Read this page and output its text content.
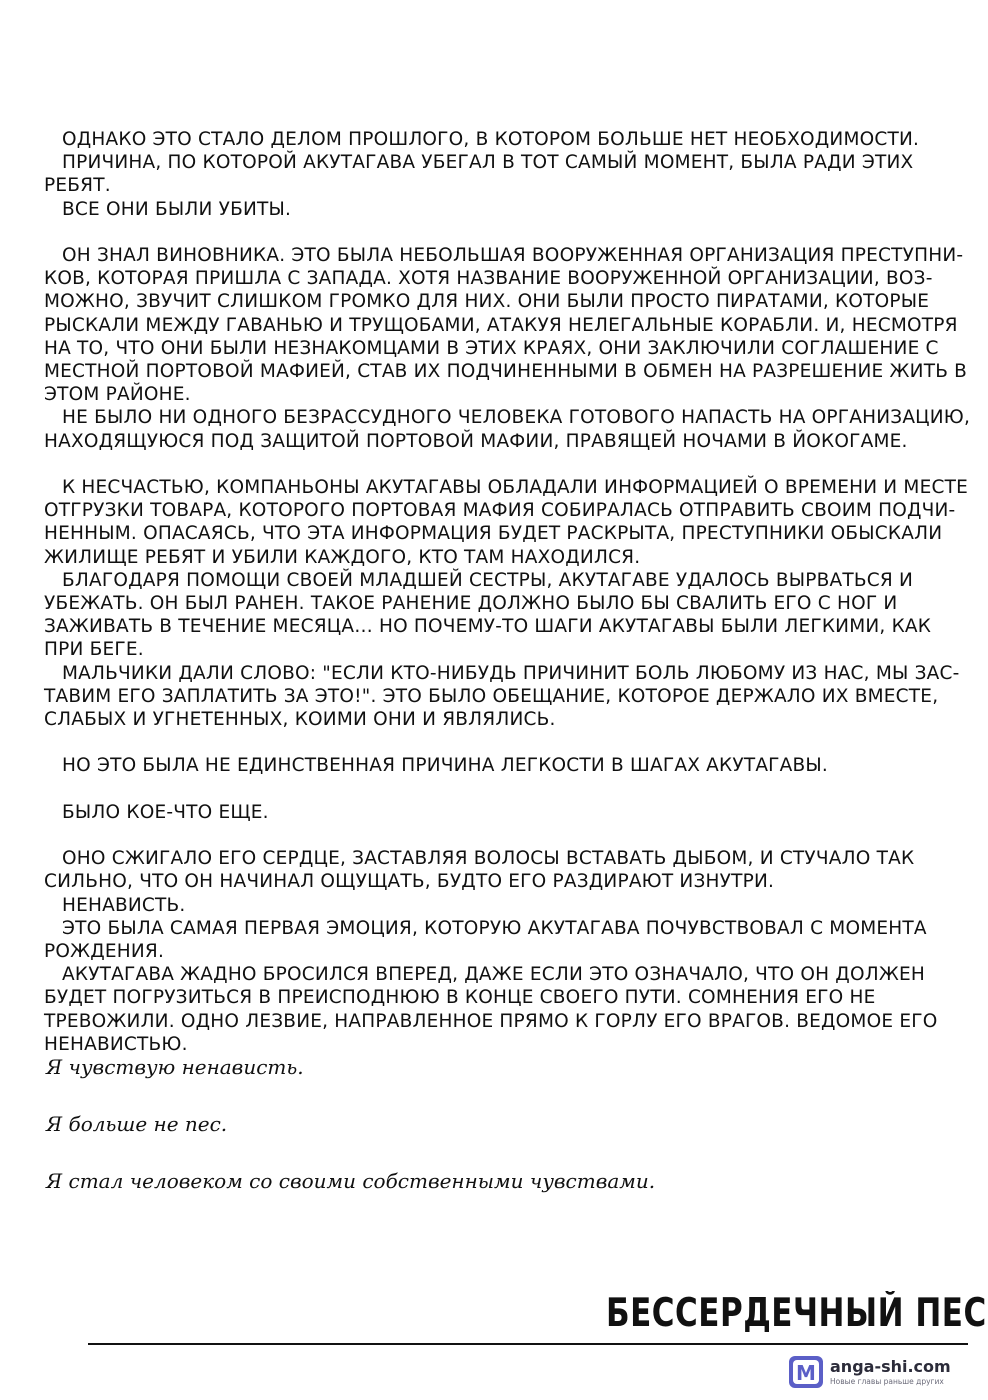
ОДНАКО ЭТО СТАЛО ДЕЛОМ ПРОШЛОГО, В КОТОРОМ БОЛЬШЕ НЕТ НЕОБХОДИМОСТИ.

ПРИЧИНА, ПО КОТОРОЙ АКУТАГАВА УБЕГАЛ В ТОТ САМЫЙ МОМЕНТ, БЫЛА РАДИ ЭТИХ РЕБЯТ.

ВСЕ ОНИ БЫЛИ УБИТЫ.

ОН ЗНАЛ ВИНОВНИКА. ЭТО БЫЛА НЕБОЛЬШАЯ ВООРУЖЕННАЯ ОРГАНИЗАЦИЯ ПРЕСТУПНИ-КОВ, КОТОРАЯ ПРИШЛА С ЗАПАДА. ХОТЯ НАЗВАНИЕ ВООРУЖЕННОЙ ОРГАНИЗАЦИИ, ВОЗ-МОЖНО, ЗВУЧИТ СЛИШКОМ ГРОМКО ДЛЯ НИХ. ОНИ БЫЛИ ПРОСТО ПИРАТАМИ, КОТОРЫЕ РЫСКАЛИ МЕЖДУ ГАВАНЬЮ И ТРУЩОБАМИ, АТАКУЯ НЕЛЕГАЛЬНЫЕ КОРАБЛИ. И, НЕСМОТРЯ НА ТО, ЧТО ОНИ БЫЛИ НЕЗНАКОМЦАМИ В ЭТИХ КРАЯХ, ОНИ ЗАКЛЮЧИЛИ СОГЛАШЕНИЕ С МЕСТНОЙ ПОРТОВОЙ МАФИЕЙ, СТАВ ИХ ПОДЧИНЕННЫМИ В ОБМЕН НА РАЗРЕШЕНИЕ ЖИТЬ В ЭТОМ РАЙОНЕ.

НЕ БЫЛО НИ ОДНОГО БЕЗРАССУДНОГО ЧЕЛОВЕКА ГОТОВОГО НАПАСТЬ НА ОРГАНИЗАЦИЮ, НАХОДЯЩУЮСЯ ПОД ЗАЩИТОЙ ПОРТОВОЙ МАФИИ, ПРАВЯЩЕЙ НОЧАМИ В ЙОКОГАМЕ.

К НЕСЧАСТЬЮ, КОМПАНЬОНЫ АКУТАГАВЫ ОБЛАДАЛИ ИНФОРМАЦИЕЙ О ВРЕМЕНИ И МЕСТЕ ОТГРУЗКИ ТОВАРА, КОТОРОГО ПОРТОВАЯ МАФИЯ СОБИРАЛАСЬ ОТПРАВИТЬ СВОИМ ПОДЧИ-НЕННЫМ. ОПАСАЯСЬ, ЧТО ЭТА ИНФОРМАЦИЯ БУДЕТ РАСКРЫТА, ПРЕСТУПНИКИ ОБЫСКАЛИ ЖИЛИЩЕ РЕБЯТ И УБИЛИ КАЖДОГО, КТО ТАМ НАХОДИЛСЯ.

БЛАГОДАРЯ ПОМОЩИ СВОЕЙ МЛАДШЕЙ СЕСТРЫ, АКУТАГАВЕ УДАЛОСЬ ВЫРВАТЬСЯ И УБЕЖАТЬ. ОН БЫЛ РАНЕН. ТАКОЕ РАНЕНИЕ ДОЛЖНО БЫЛО БЫ СВАЛИТЬ ЕГО С НОГ И ЗАЖИВАТЬ В ТЕЧЕНИЕ МЕСЯЦА… НО ПОЧЕМУ-ТО ШАГИ АКУТАГАВЫ БЫЛИ ЛЕГКИМИ, КАК ПРИ БЕГЕ.

МАЛЬЧИКИ ДАЛИ СЛОВО: "ЕСЛИ КТО-НИБУДЬ ПРИЧИНИТ БОЛЬ ЛЮБОМУ ИЗ НАС, МЫ ЗАС-ТАВИМ ЕГО ЗАПЛАТИТЬ ЗА ЭТО!". ЭТО БЫЛО ОБЕЩАНИЕ, КОТОРОЕ ДЕРЖАЛО ИХ ВМЕСТЕ, СЛАБЫХ И УГНЕТЕННЫХ, КОИМИ ОНИ И ЯВЛЯЛИСЬ.

НО ЭТО БЫЛА НЕ ЕДИНСТВЕННАЯ ПРИЧИНА ЛЕГКОСТИ В ШАГАХ АКУТАГАВЫ.

БЫЛО КОЕ-ЧТО ЕЩЕ.

ОНО СЖИГАЛО ЕГО СЕРДЦЕ, ЗАСТАВЛЯЯ ВОЛОСЫ ВСТАВАТЬ ДЫБОМ, И СТУЧАЛО ТАК СИЛЬНО, ЧТО ОН НАЧИНАЛ ОЩУЩАТЬ, БУДТО ЕГО РАЗДИРАЮТ ИЗНУТРИ.

НЕНАВИСТЬ.

ЭТО БЫЛА САМАЯ ПЕРВАЯ ЭМОЦИЯ, КОТОРУЮ АКУТАГАВА ПОЧУВСТВОВАЛ С МОМЕНТА РОЖДЕНИЯ.

АКУТАГАВА ЖАДНО БРОСИЛСЯ ВПЕРЕД, ДАЖЕ ЕСЛИ ЭТО ОЗНАЧАЛО, ЧТО ОН ДОЛЖЕН БУДЕТ ПОГРУЗИТЬСЯ В ПРЕИСПОДНЮЮ В КОНЦЕ СВОЕГО ПУТИ. СОМНЕНИЯ ЕГО НЕ ТРЕВОЖИЛИ. ОДНО ЛЕЗВИЕ, НАПРАВЛЕННОЕ ПРЯМО К ГОРЛУ ЕГО ВРАГОВ. ВЕДОМОЕ ЕГО НЕНАВИСТЬЮ.

Я чувствую ненависть.

Я больше не пес.

Я стал человеком со своими собственными чувствами.

БЕССЕРДЕЧНЫЙ ПЕС
M anga-shi.com
Новые главы раньше других
